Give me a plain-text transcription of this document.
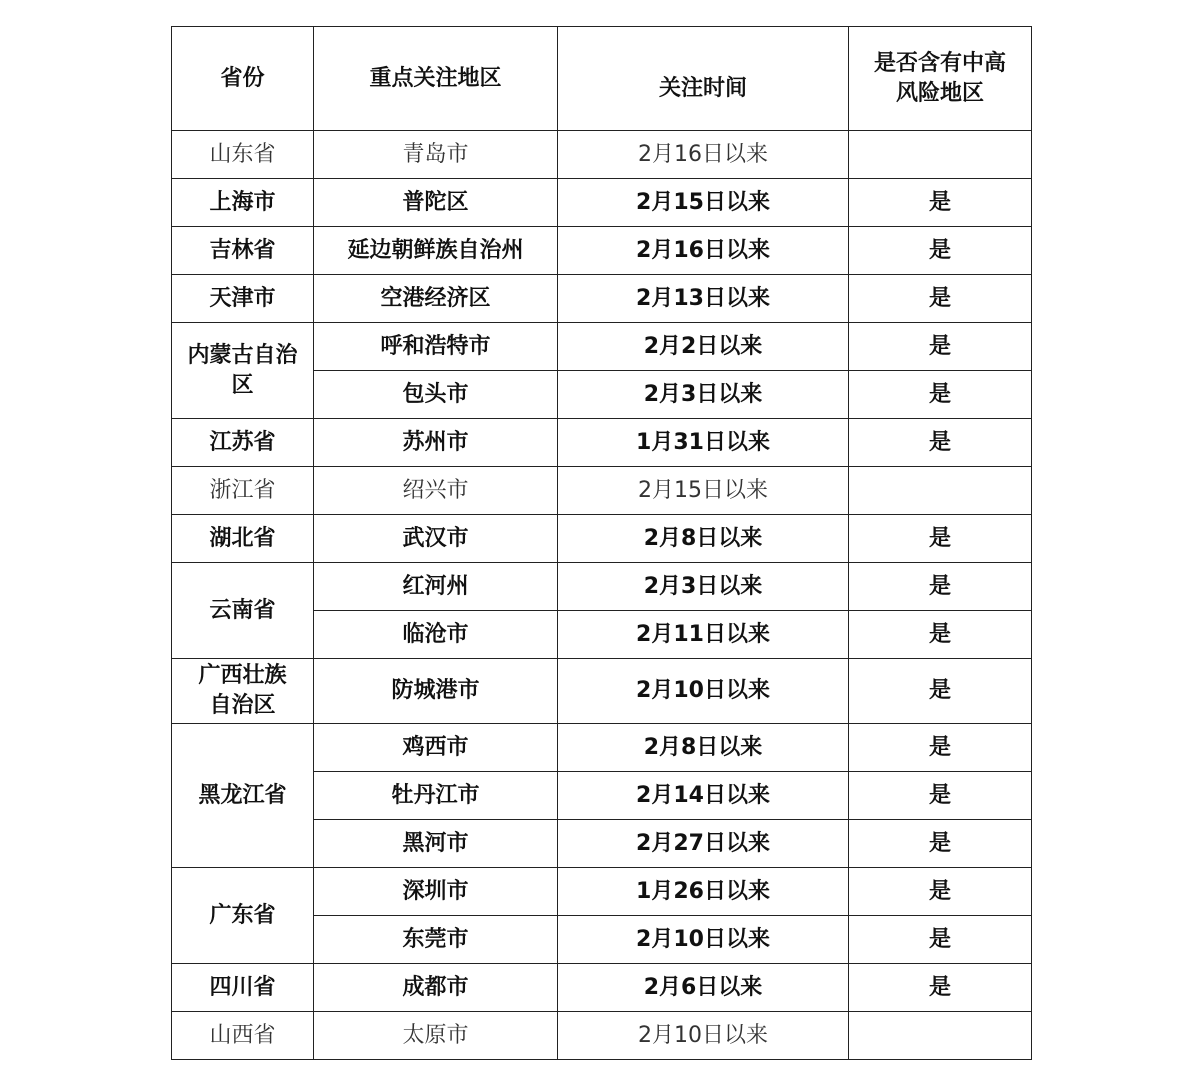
省份	重点关注地区	关注时间	是否含有中高风险地区
山东省	青岛市	2月16日以来	
上海市	普陀区	2月15日以来	是
吉林省	延边朝鲜族自治州	2月16日以来	是
天津市	空港经济区	2月13日以来	是
内蒙古自治区	呼和浩特市	2月2日以来	是
	包头市	2月3日以来	是
江苏省	苏州市	1月31日以来	是
浙江省	绍兴市	2月15日以来	
湖北省	武汉市	2月8日以来	是
云南省	红河州	2月3日以来	是
	临沧市	2月11日以来	是
广西壮族自治区	防城港市	2月10日以来	是
黑龙江省	鸡西市	2月8日以来	是
	牡丹江市	2月14日以来	是
	黑河市	2月27日以来	是
广东省	深圳市	1月26日以来	是
	东莞市	2月10日以来	是
四川省	成都市	2月6日以来	是
山西省	太原市	2月10日以来	
